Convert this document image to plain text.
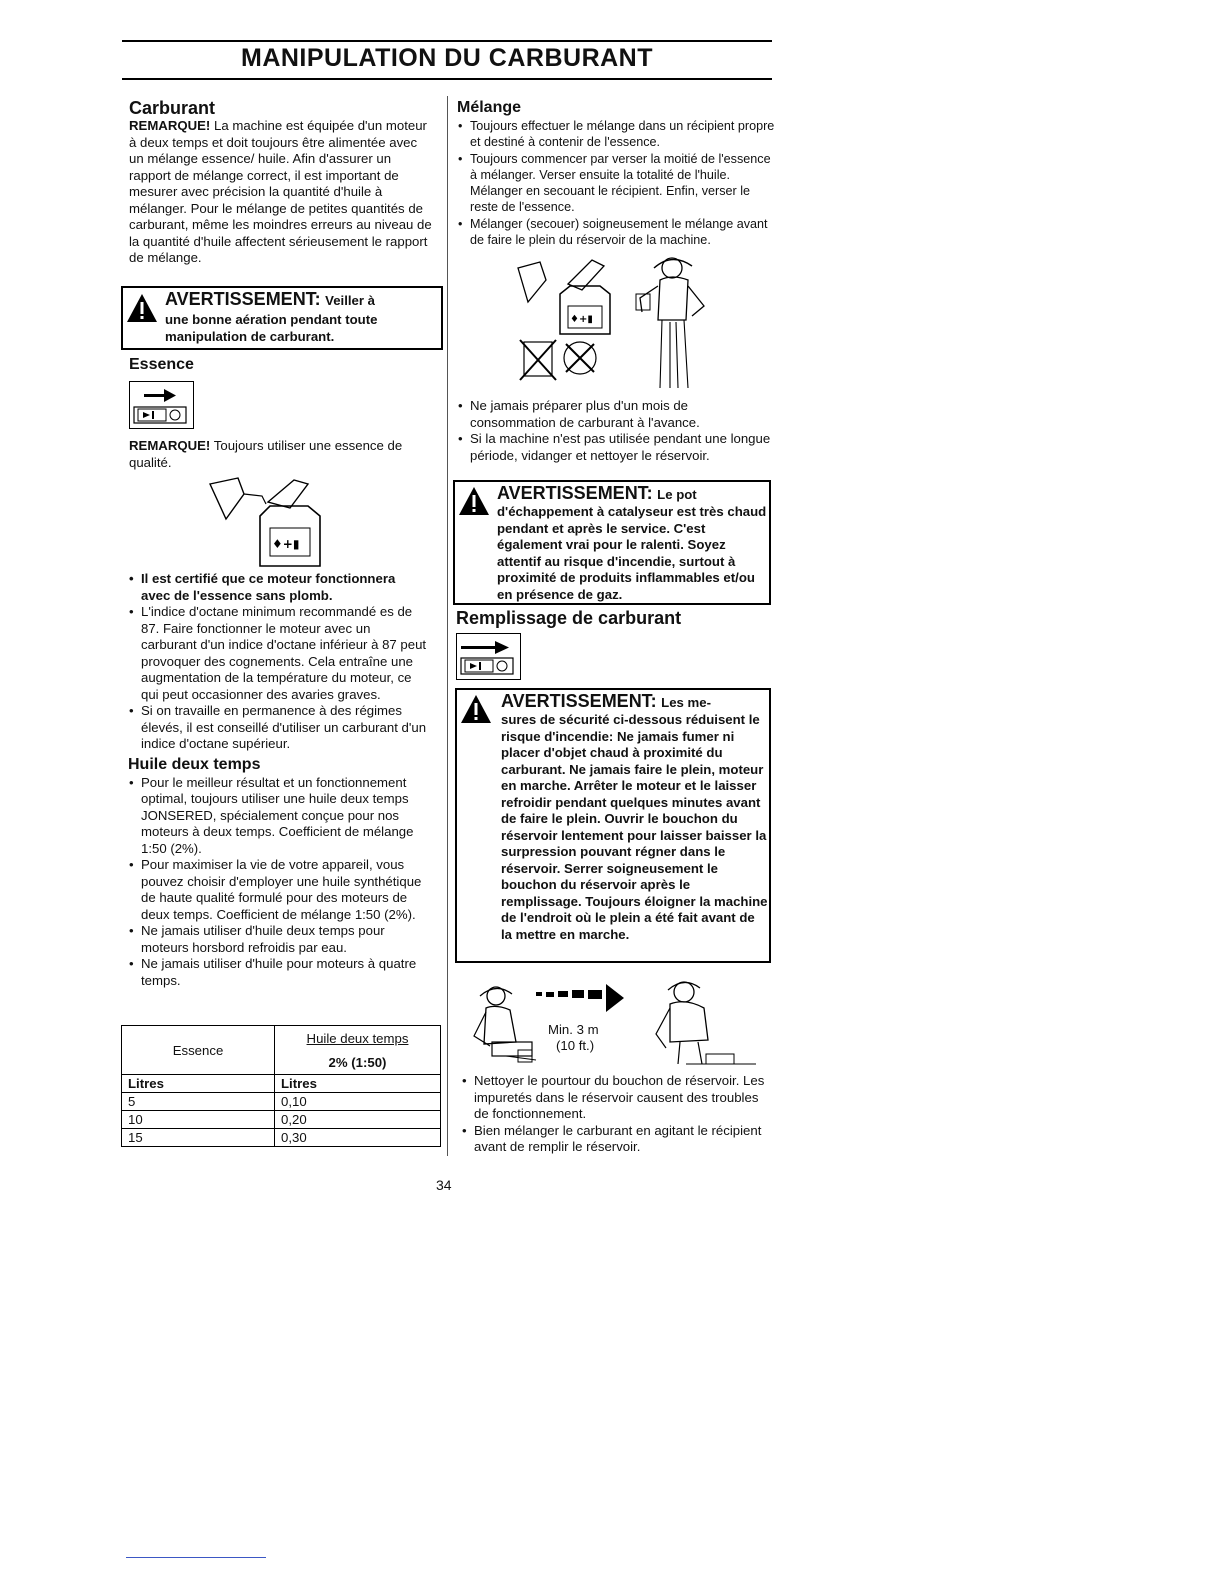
MANIPULATION DU CARBURANT

Carburant

REMARQUE! La machine est équipée d'un moteur à deux temps et doit toujours être alimentée avec un mélange essence/ huile. Afin d'assurer un rapport de mélange correct, il est important de mesurer avec précision la quantité d'huile à mélanger. Pour le mélange de petites quantités de carburant, même les moindres erreurs au niveau de la quantité d'huile affectent sérieusement le rapport de mélange.

AVERTISSEMENT: Veiller à
une bonne aération pendant toute manipulation de carburant.

Essence

REMARQUE! Toujours utiliser une essence de qualité.

♦+▮
• Il est certifié que ce moteur fonctionnera avec de l'essence sans plomb.
• L'indice d'octane minimum recommandé es de 87. Faire fonctionner le moteur avec un carburant d'un indice d'octane inférieur à 87 peut provoquer des cognements. Cela entraîne une augmentation de la température du moteur, ce qui peut occasionner des avaries graves.
• Si on travaille en permanence à des régimes élevés, il est conseillé d'utiliser un carburant d'un indice d'octane supérieur.

Huile deux temps

• Pour le meilleur résultat et un fonctionnement optimal, toujours utiliser une huile deux temps JONSERED, spécialement conçue pour nos moteurs à deux temps. Coefficient de mélange 1:50 (2%).
• Pour maximiser la vie de votre appareil, vous pouvez choisir d'employer une huile synthétique de haute qualité formulé pour des moteurs de deux temps. Coefficient de mélange 1:50 (2%).
• Ne jamais utiliser d'huile deux temps pour moteurs horsbord refroidis par eau.
• Ne jamais utiliser d'huile pour moteurs à quatre temps.
Essence	Huile deux temps
	2% (1:50)
Litres	Litres
5	0,10
10	0,20
15	0,30

Mélange

• Toujours effectuer le mélange dans un récipient propre et destiné à contenir de l'essence.
• Toujours commencer par verser la moitié de l'essence à mélanger. Verser ensuite la totalité de l'huile. Mélanger en secouant le récipient. Enfin, verser le reste de l'essence.
• Mélanger (secouer) soigneusement le mélange avant de faire le plein du réservoir de la machine.
♦+▮
• Ne jamais préparer plus d'un mois de consommation de carburant à l'avance.
• Si la machine n'est pas utilisée pendant une longue période, vidanger et nettoyer le réservoir.
AVERTISSEMENT: Le pot
d'échappement à catalyseur est très chaud pendant et après le service. C'est également vrai pour le ralenti. Soyez attentif au risque d'incendie, surtout à proximité de produits inflammables et/ou en présence de gaz.

Remplissage de carburant

AVERTISSEMENT: Les me-
sures de sécurité ci-dessous réduisent le risque d'incendie: Ne jamais fumer ni placer d'objet chaud à proximité du carburant. Ne jamais faire le plein, moteur en marche. Arrêter le moteur et le laisser refroidir pendant quelques minutes avant de faire le plein. Ouvrir le bouchon du réservoir lentement pour laisser baisser la surpression pouvant régner dans le réservoir. Serrer soigneusement le bouchon du réservoir après le remplissage. Toujours éloigner la machine de l'endroit où le plein a été fait avant de la mettre en marche.
Min. 3 m
(10 ft.)
• Nettoyer le pourtour du bouchon de réservoir. Les impuretés dans le réservoir causent des troubles de fonctionnement.
• Bien mélanger le carburant en agitant le récipient avant de remplir le réservoir.
34
